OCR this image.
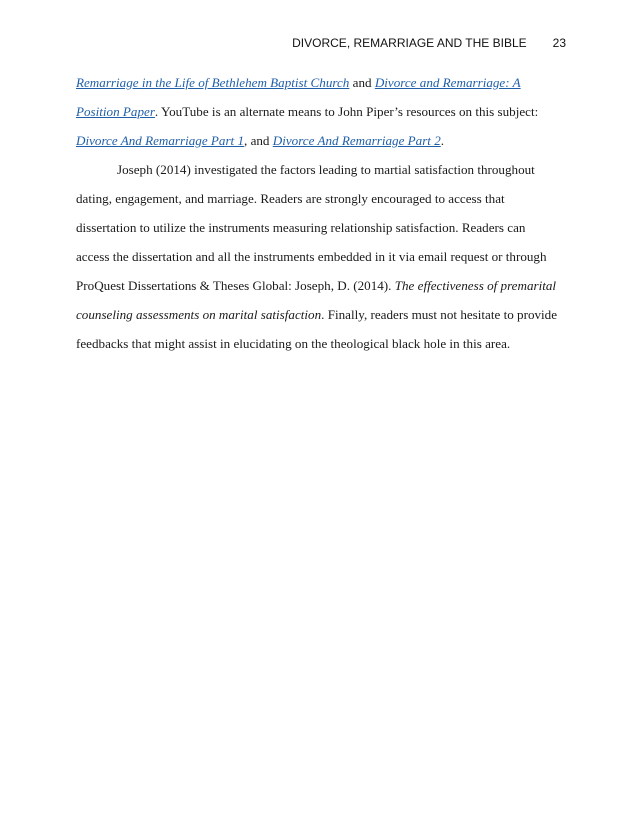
DIVORCE, REMARRIAGE AND THE BIBLE 23

Remarriage in the Life of Bethlehem Baptist Church and Divorce and Remarriage: A Position Paper. YouTube is an alternate means to John Piper’s resources on this subject: Divorce And Remarriage Part 1, and Divorce And Remarriage Part 2.

Joseph (2014) investigated the factors leading to martial satisfaction throughout dating, engagement, and marriage. Readers are strongly encouraged to access that dissertation to utilize the instruments measuring relationship satisfaction. Readers can access the dissertation and all the instruments embedded in it via email request or through ProQuest Dissertations & Theses Global: Joseph, D. (2014). The effectiveness of premarital counseling assessments on marital satisfaction. Finally, readers must not hesitate to provide feedbacks that might assist in elucidating on the theological black hole in this area.
